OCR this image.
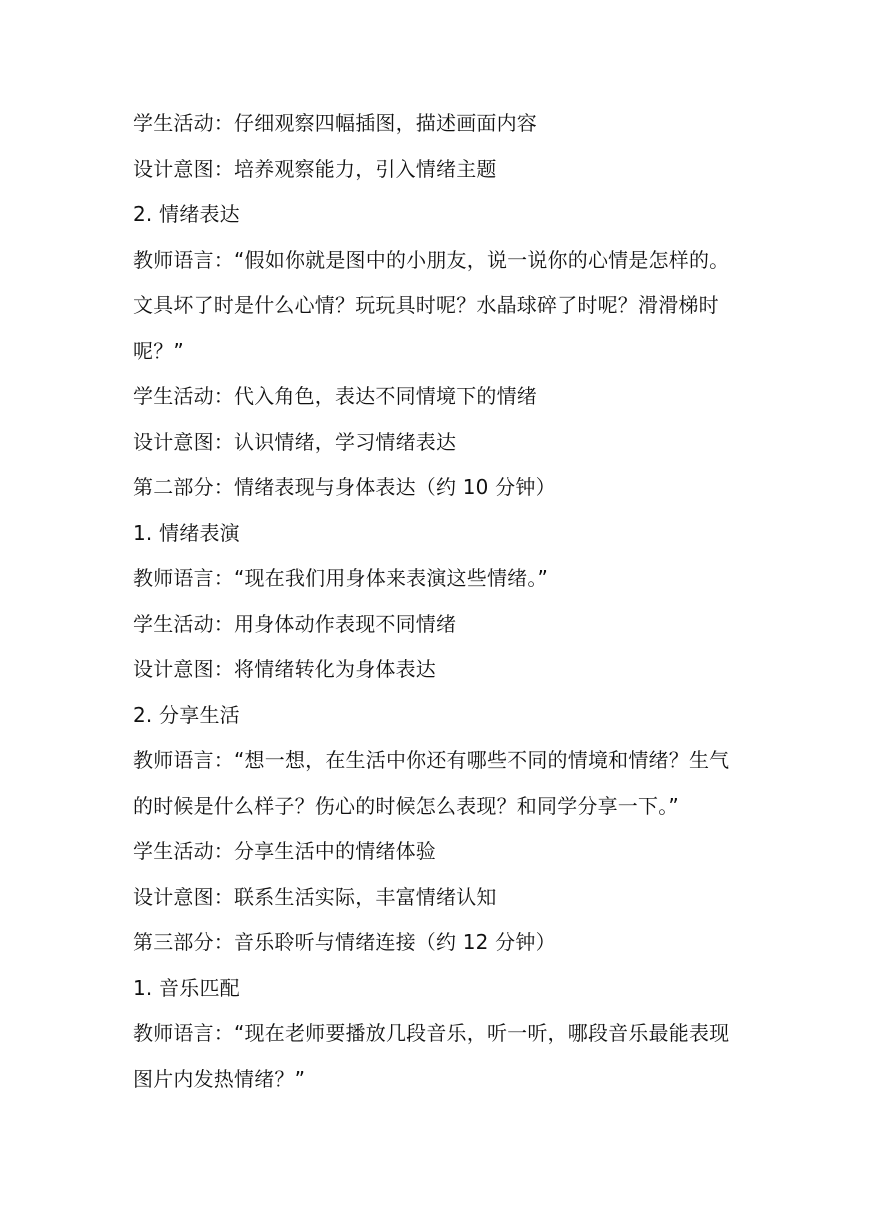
学生活动：仔细观察四幅插图，描述画面内容
设计意图：培养观察能力，引入情绪主题
2. 情绪表达
教师语言：“假如你就是图中的小朋友，说一说你的心情是怎样的。
文具坏了时是什么心情？玩玩具时呢？水晶球碎了时呢？滑滑梯时
呢？”
学生活动：代入角色，表达不同情境下的情绪
设计意图：认识情绪，学习情绪表达
第二部分：情绪表现与身体表达（约 10 分钟）
1. 情绪表演
教师语言：“现在我们用身体来表演这些情绪。”
学生活动：用身体动作表现不同情绪
设计意图：将情绪转化为身体表达
2. 分享生活
教师语言：“想一想，在生活中你还有哪些不同的情境和情绪？生气
的时候是什么样子？伤心的时候怎么表现？和同学分享一下。”
学生活动：分享生活中的情绪体验
设计意图：联系生活实际，丰富情绪认知
第三部分：音乐聆听与情绪连接（约 12 分钟）
1. 音乐匹配
教师语言：“现在老师要播放几段音乐，听一听，哪段音乐最能表现
图片内发热情绪？”
